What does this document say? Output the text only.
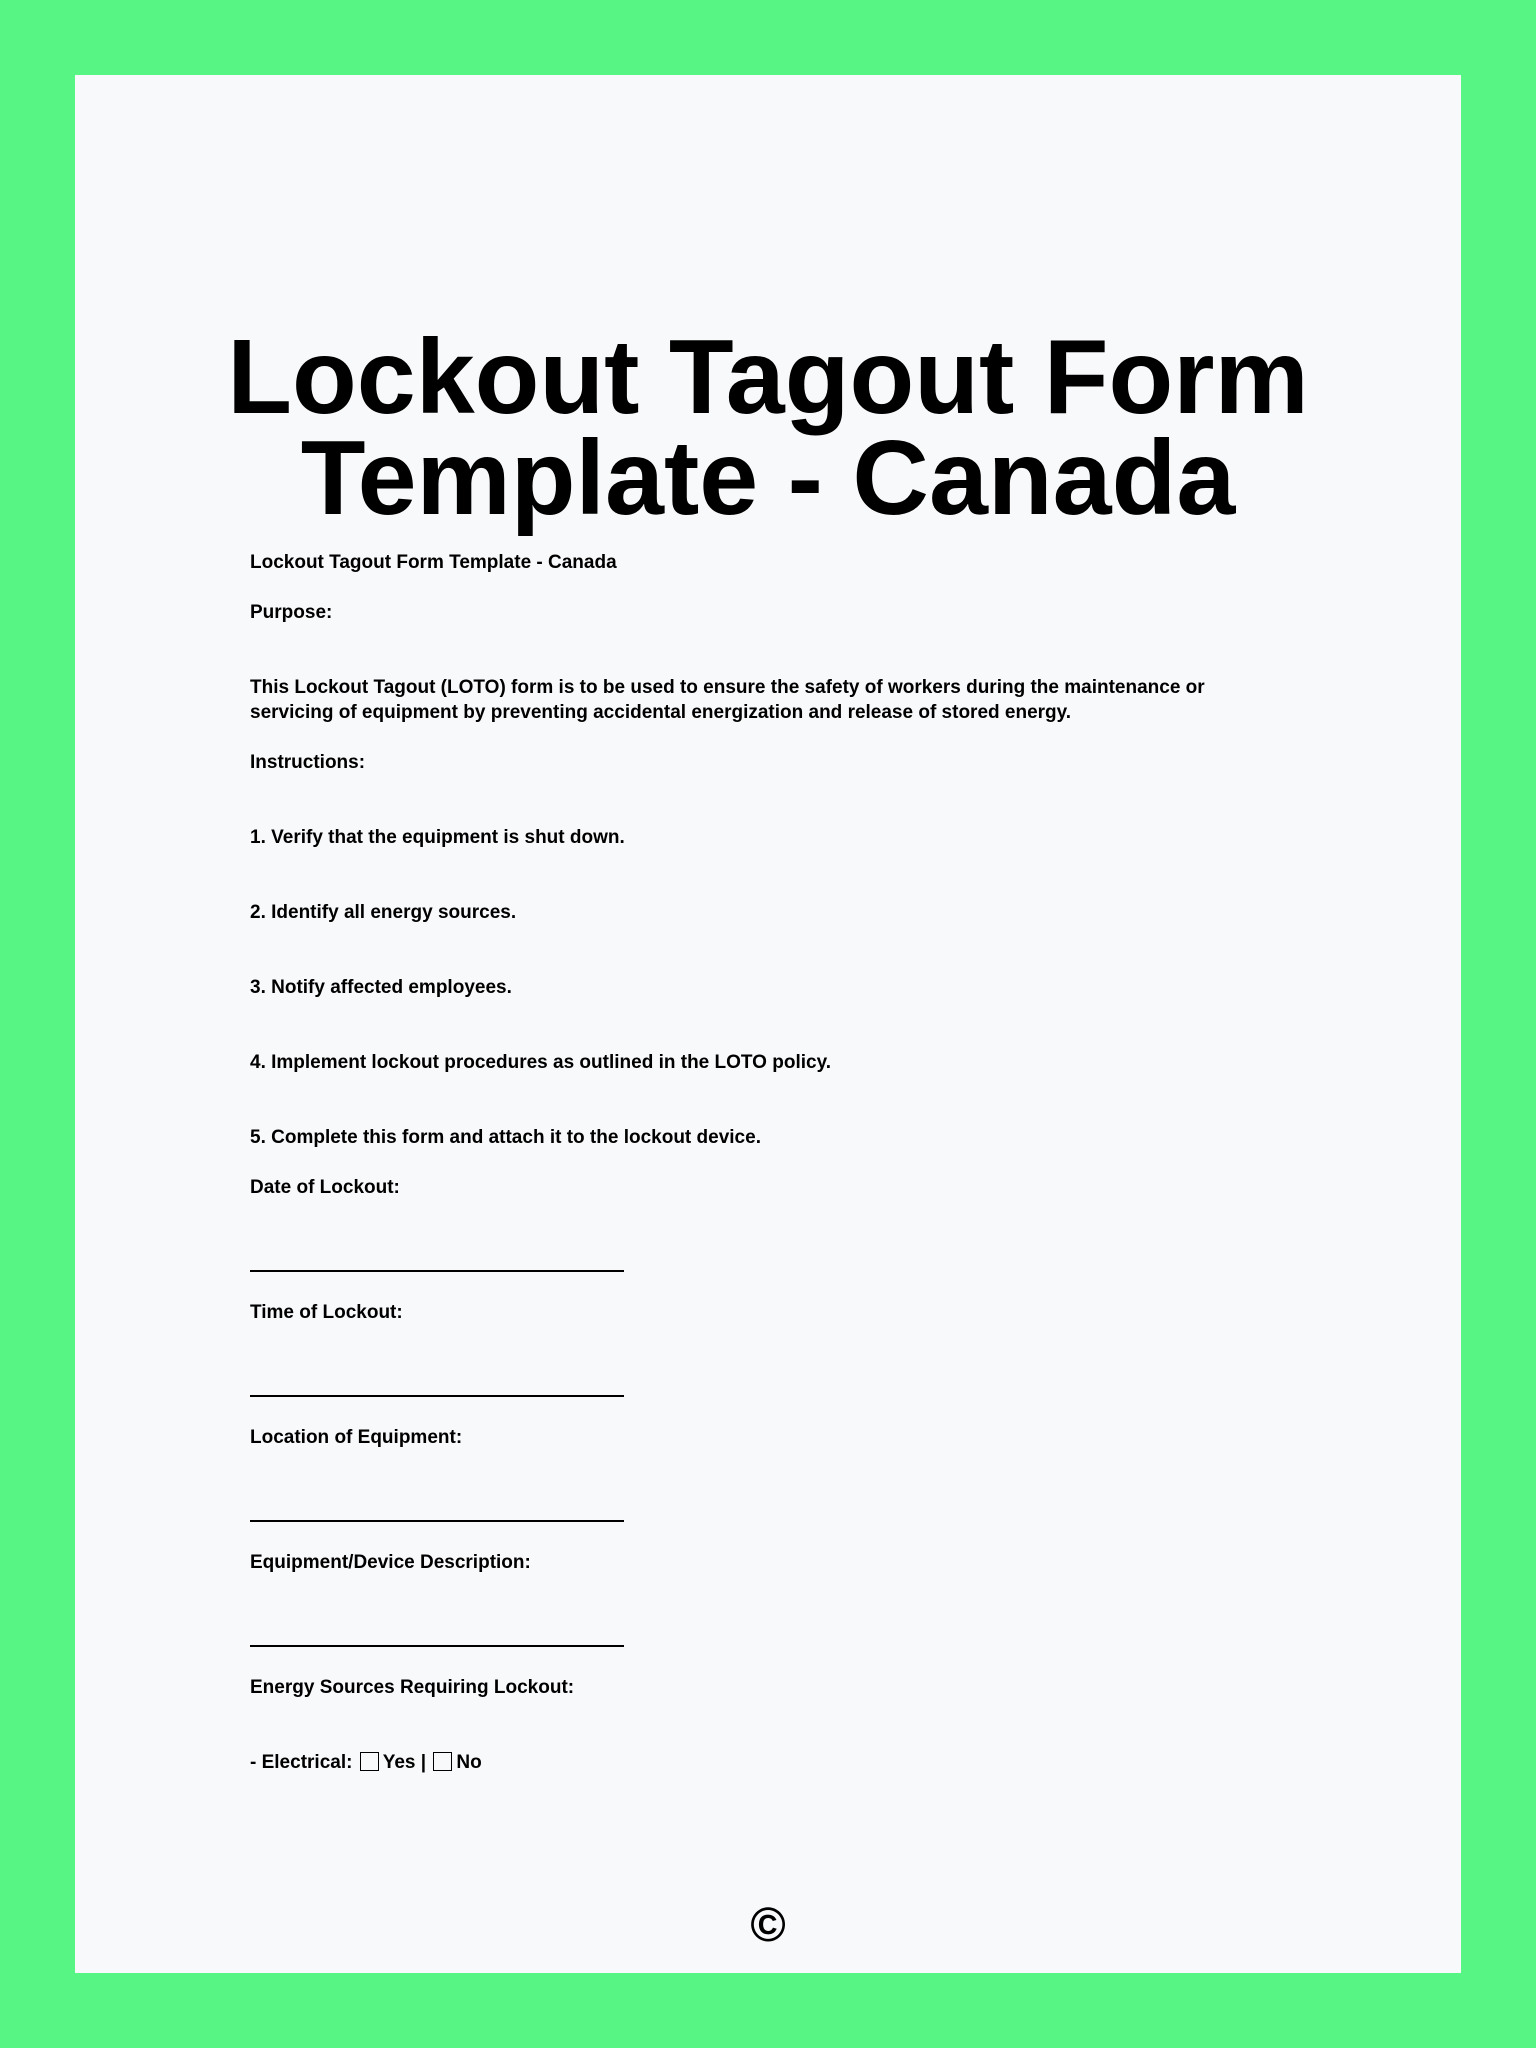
Lockout Tagout Form
Template - Canada
Lockout Tagout Form Template - Canada
Purpose:
This Lockout Tagout (LOTO) form is to be used to ensure the safety of workers during the maintenance or servicing of equipment by preventing accidental energization and release of stored energy.
Instructions:
1. Verify that the equipment is shut down.
2. Identify all energy sources.
3. Notify affected employees.
4. Implement lockout procedures as outlined in the LOTO policy.
5. Complete this form and attach it to the lockout device.
Date of Lockout:
Time of Lockout:
Location of Equipment:
Equipment/Device Description:
Energy Sources Requiring Lockout:
- Electrical: Yes | No
©
